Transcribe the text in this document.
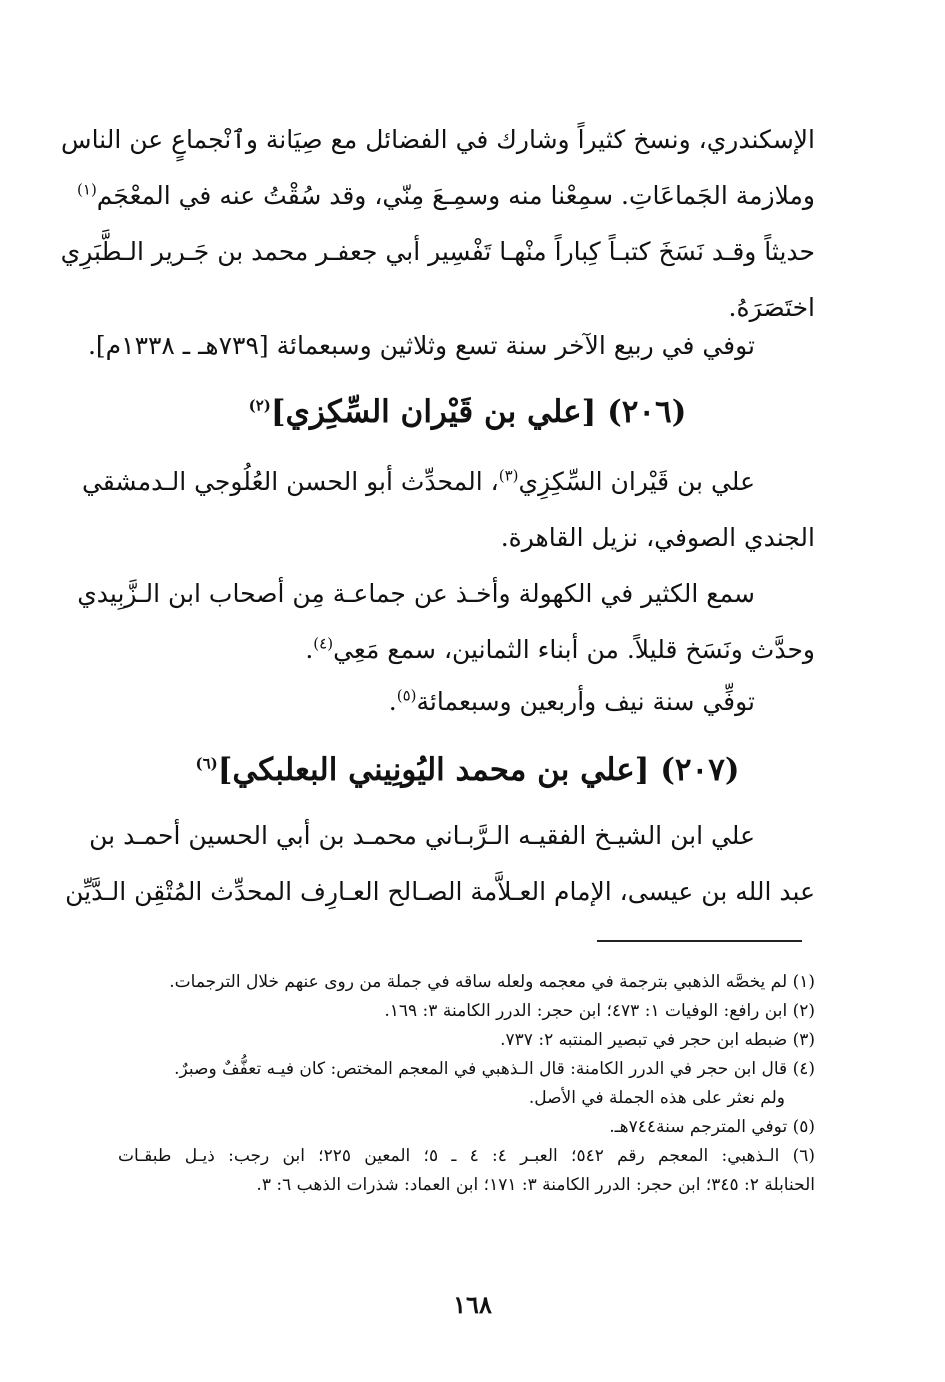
الإسكندري، ونسخ كثيراً وشارك في الفضائل مع صِيَانة وٱنْجماعٍ عن الناس

وملازمة الجَماعَاتِ. سمِعْنا منه وسمِـعَ مِنّي، وقد سُقْتُ عنه في المعْجَم$^{(١)}$

حديثاً وقـد نَسَخَ كتبـاً كِباراً منْهـا تَفْسِير أبي جعفـر محمد بن جَـرير الـطَّبَرِي

اختَصَرَهُ.

توفي في ربيع الآخر سنة تسع وثلاثين وسبعمائة [٧٣٩هـ ـ ١٣٣٨م].

(٢٠٦) [علي بن قَيْران السِّكِزي]$^{(٢)}$

علي بن قَيْران السِّكِزِي$^{(٣)}$، المحدِّث أبو الحسن العُلُوجي الـدمشقي

الجندي الصوفي، نزيل القاهرة.

سمع الكثير في الكهولة وأخـذ عن جماعـة مِن أصحاب ابن الـزَّبِيدي

وحدَّث ونَسَخ قليلاً. من أبناء الثمانين، سمع مَعِي$^{(٤)}$.

توفِّي سنة نيف وأربعين وسبعمائة$^{(٥)}$.

(٢٠٧) [علي بن محمد اليُونِيني البعلبكي]$^{(٦)}$

علي ابن الشيـخ الفقيـه الـرَّبـاني محمـد بن أبي الحسين أحمـد بن

عبد الله بن عيسى، الإمام العـلاَّمة الصـالح العـارِف المحدِّث المُتْقِن الـدَّيِّن

(١) لم يخصَّه الذهبي بترجمة في معجمه ولعله ساقه في جملة من روى عنهم خلال الترجمات.

(٢) ابن رافع: الوفيات ١: ٤٧٣؛ ابن حجر: الدرر الكامنة ٣: ١٦٩.

(٣) ضبطه ابن حجر في تبصير المنتبه ٢: ٧٣٧.

(٤) قال ابن حجر في الدرر الكامنة: قال الـذهبي في المعجم المختص: كان فيـه تعفُّفٌ وصبرٌ.

ولم نعثر على هذه الجملة في الأصل.

(٥) توفي المترجم سنة٧٤٤هـ.

(٦) الـذهبي: المعجم رقم ٥٤٢؛ العبـر ٤: ٤ ـ ٥؛ المعين ٢٢٥؛ ابن رجب: ذيـل طبقـات

الحنابلة ٢: ٣٤٥؛ ابن حجر: الدرر الكامنة ٣: ١٧١؛ ابن العماد: شذرات الذهب ٦: ٣.

١٦٨
